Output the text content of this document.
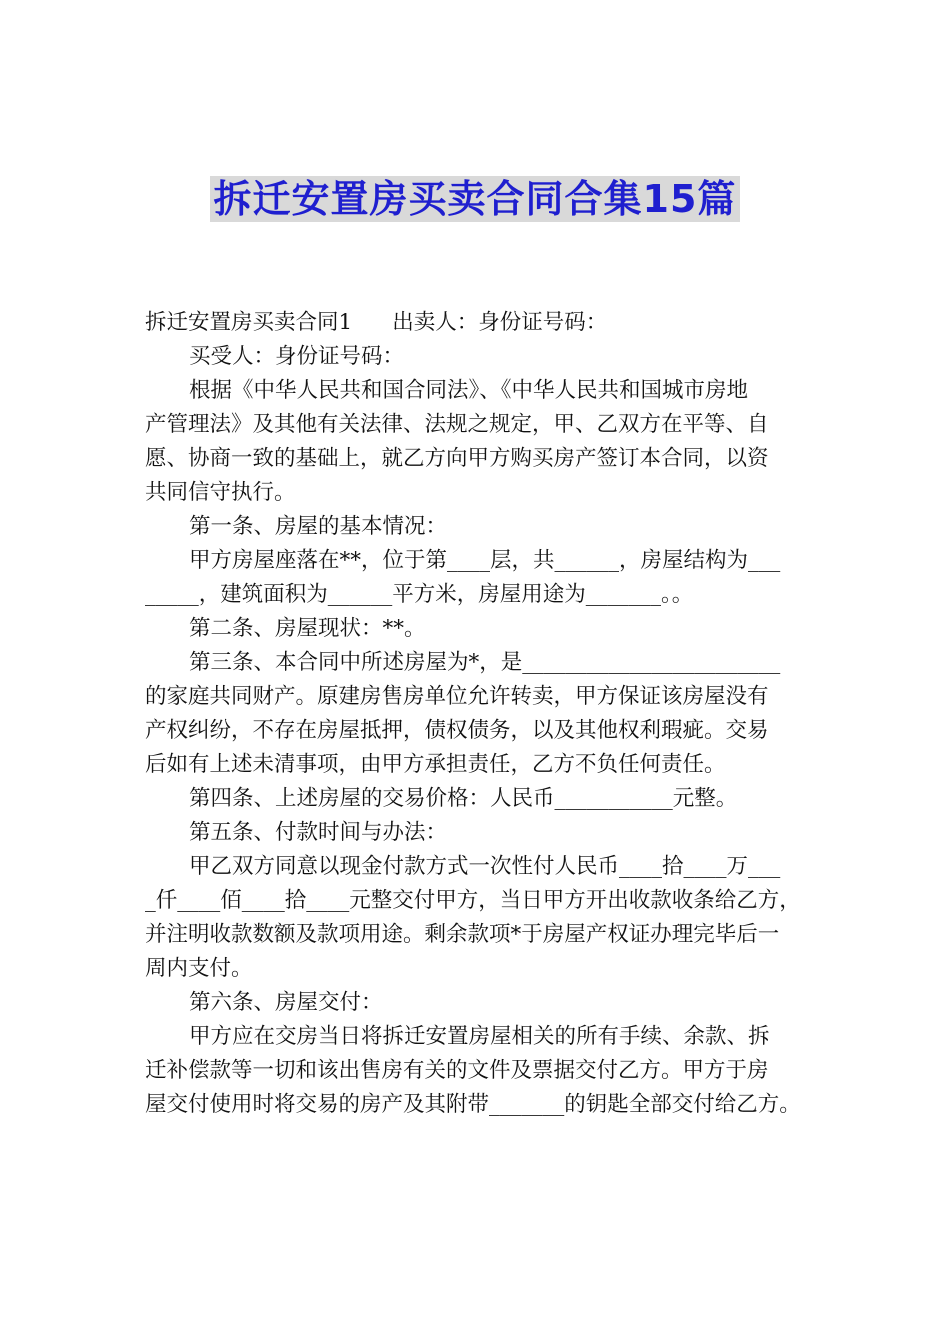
拆迁安置房买卖合同合集15篇
拆迁安置房买卖合同1 出卖人：身份证号码：
买受人：身份证号码：
根据《中华人民共和国合同法》、《中华人民共和国城市房地
产管理法》及其他有关法律、法规之规定，甲、乙双方在平等、自
愿、协商一致的基础上，就乙方向甲方购买房产签订本合同，以资
共同信守执行。
第一条、房屋的基本情况：
甲方房屋座落在**，位于第____层，共______，房屋结构为___
_____，建筑面积为______平方米，房屋用途为_______。。
第二条、房屋现状：**。
第三条、本合同中所述房屋为*，是________________________
的家庭共同财产。原建房售房单位允许转卖，甲方保证该房屋没有
产权纠纷，不存在房屋抵押，债权债务，以及其他权利瑕疵。交易
后如有上述未清事项，由甲方承担责任，乙方不负任何责任。
第四条、上述房屋的交易价格：人民币___________元整。
第五条、付款时间与办法：
甲乙双方同意以现金付款方式一次性付人民币____拾____万___
_仟____佰____拾____元整交付甲方，当日甲方开出收款收条给乙方，
并注明收款数额及款项用途。剩余款项*于房屋产权证办理完毕后一
周内支付。
第六条、房屋交付：
甲方应在交房当日将拆迁安置房屋相关的所有手续、余款、拆
迁补偿款等一切和该出售房有关的文件及票据交付乙方。甲方于房
屋交付使用时将交易的房产及其附带_______的钥匙全部交付给乙方。
